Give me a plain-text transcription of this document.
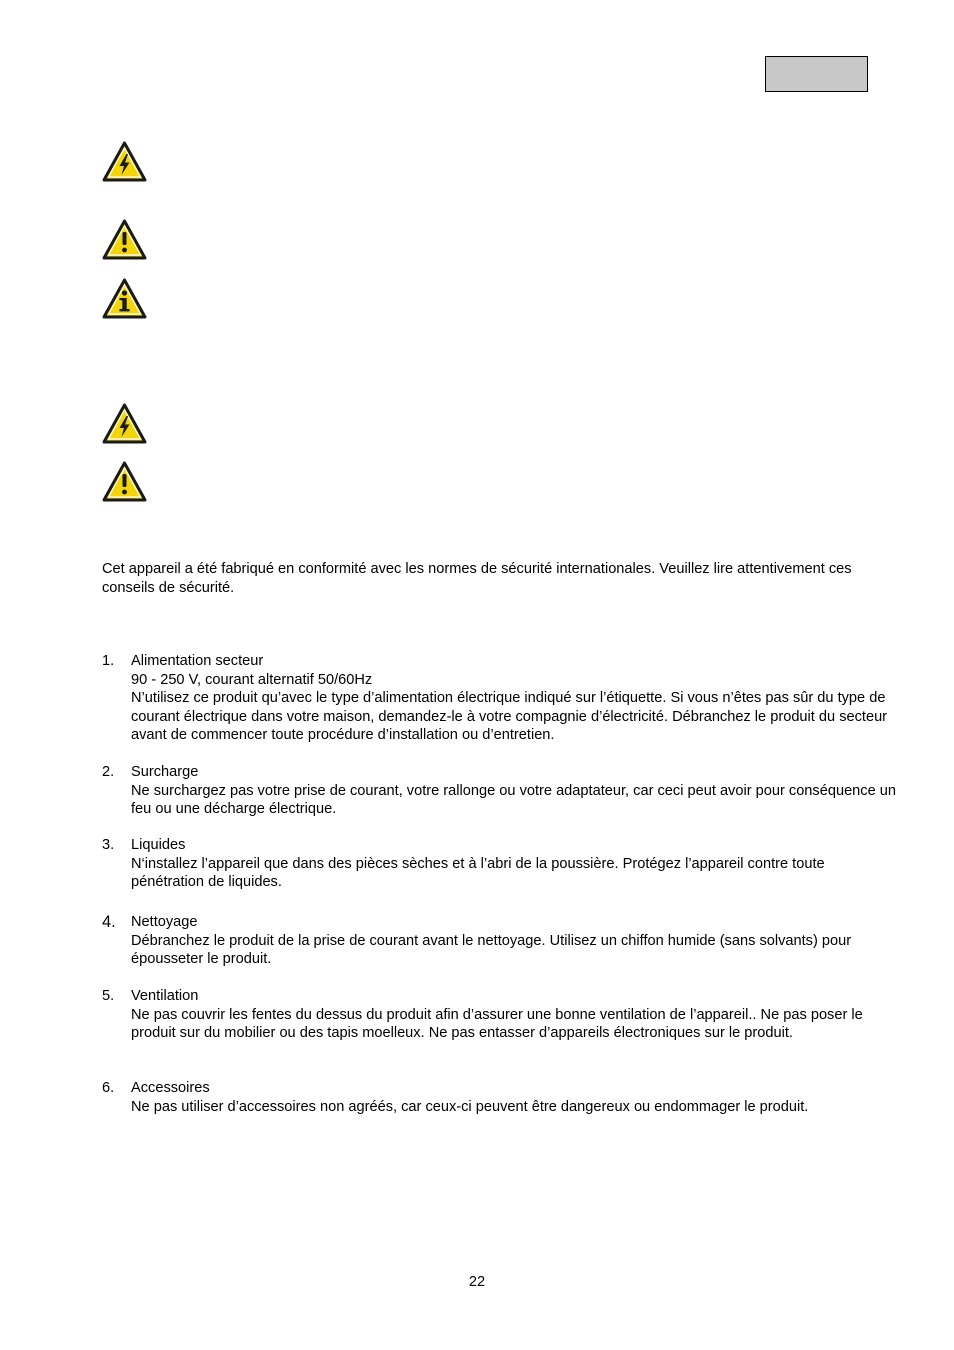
Cet appareil a été fabriqué en conformité avec les normes de sécurité internationales. Veuillez lire attentivement ces conseils de sécurité.

1.	Alimentation secteur
90 - 250 V, courant alternatif 50/60Hz
N’utilisez ce produit qu’avec le type d’alimentation électrique indiqué sur l’étiquette. Si vous n’êtes pas sûr du type de courant électrique dans votre maison, demandez-le à votre compagnie d’électricité. Débranchez le produit du secteur avant de commencer toute procédure d’installation ou d’entretien.
2.	Surcharge
Ne surchargez pas votre prise de courant, votre rallonge ou votre adaptateur, car ceci peut avoir pour conséquence un feu ou une décharge électrique.
3.	Liquides
N‘installez l’appareil que dans des pièces sèches et à l’abri de la poussière. Protégez l’appareil contre toute pénétration de liquides.
4.	Nettoyage
Débranchez le produit de la prise de courant avant le nettoyage. Utilisez un chiffon humide (sans solvants) pour épousseter le produit.
5.	Ventilation
Ne pas couvrir les fentes du dessus du produit afin d’assurer une bonne ventilation de l’appareil.. Ne pas poser le produit sur du mobilier ou des tapis moelleux. Ne pas entasser d’appareils électroniques sur le produit.
6.	Accessoires
Ne pas utiliser d’accessoires non agréés, car ceux-ci peuvent être dangereux ou endommager le produit.
22
